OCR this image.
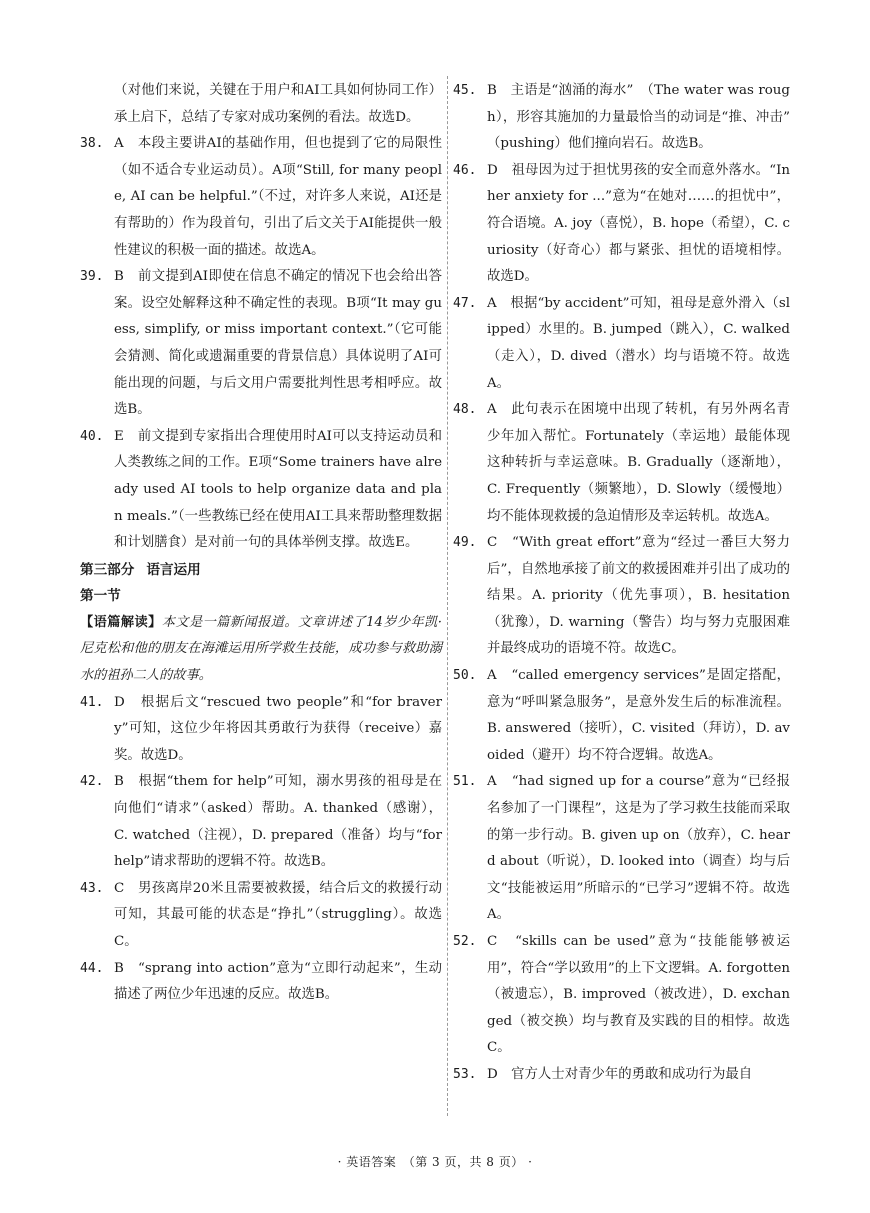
（对他们来说，关键在于用户和AI工具如何协同工作）承上启下，总结了专家对成功案例的看法。故选D。
38. A　本段主要讲AI的基础作用，但也提到了它的局限性（如不适合专业运动员）。A项“Still, for many people, AI can be helpful.”（不过，对许多人来说，AI还是有帮助的）作为段首句，引出了后文关于AI能提供一般性建议的积极一面的描述。故选A。
39. B　前文提到AI即使在信息不确定的情况下也会给出答案。设空处解释这种不确定性的表现。B项“It may guess, simplify, or miss important context.”（它可能会猜测、简化或遗漏重要的背景信息）具体说明了AI可能出现的问题，与后文用户需要批判性思考相呼应。故选B。
40. E　前文提到专家指出合理使用时AI可以支持运动员和人类教练之间的工作。E项“Some trainers have already used AI tools to help organize data and plan meals.”（一些教练已经在使用AI工具来帮助整理数据和计划膳食）是对前一句的具体举例支撑。故选E。
第三部分 语言运用
第一节
【语篇解读】本文是一篇新闻报道。文章讲述了14岁少年凯·尼克松和他的朋友在海滩运用所学救生技能，成功参与救助溺水的祖孙二人的故事。
41. D　根据后文“rescued two people”和“for bravery”可知，这位少年将因其勇敢行为获得（receive）嘉奖。故选D。
42. B　根据“them for help”可知，溺水男孩的祖母是在向他们“请求”（asked）帮助。A. thanked（感谢），C. watched（注视），D. prepared（准备）均与“for help”请求帮助的逻辑不符。故选B。
43. C　男孩离岸20米且需要被救援，结合后文的救援行动可知，其最可能的状态是“挣扎”（struggling）。故选C。
44. B　“sprang into action”意为“立即行动起来”，生动描述了两位少年迅速的反应。故选B。
45. B　主语是“汹涌的海水”　（The water was rough），形容其施加的力量最恰当的动词是“推、冲击”　（pushing）他们撞向岩石。故选B。
46. D　祖母因为过于担忧男孩的安全而意外落水。“In her anxiety for ...”意为“在她对……的担忧中”，符合语境。A. joy（喜悦），B. hope（希望），C. curiosity（好奇心）都与紧张、担忧的语境相悖。故选D。
47. A　根据“by accident”可知，祖母是意外滑入（slipped）水里的。B. jumped（跳入），C. walked（走入），D. dived（潜水）均与语境不符。故选A。
48. A　此句表示在困境中出现了转机，有另外两名青少年加入帮忙。Fortunately（幸运地）最能体现这种转折与幸运意味。B. Gradually（逐渐地），C. Frequently（频繁地），D. Slowly（缓慢地）均不能体现救援的急迫情形及幸运转机。故选A。
49. C　“With great effort”意为“经过一番巨大努力后”，自然地承接了前文的救援困难并引出了成功的结果。A. priority（优先事项），B. hesitation（犹豫），D. warning（警告）均与努力克服困难并最终成功的语境不符。故选C。
50. A　“called emergency services”是固定搭配，意为“呼叫紧急服务”，是意外发生后的标准流程。B. answered（接听），C. visited（拜访），D. avoided（避开）均不符合逻辑。故选A。
51. A　“had signed up for a course”意为“已经报名参加了一门课程”，这是为了学习救生技能而采取的第一步行动。B. given up on（放弃），C. heard about（听说），D. looked into（调查）均与后文“技能被运用”所暗示的“已学习”逻辑不符。故选A。
52. C　“skills can be used”意为“技能能够被运用”，符合“学以致用”的上下文逻辑。A. forgotten（被遗忘），B. improved（被改进），D. exchanged（被交换）均与教育及实践的目的相悖。故选C。
53. D　官方人士对青少年的勇敢和成功行为最自
· 英语答案　（第 3 页，共 8 页） ·
